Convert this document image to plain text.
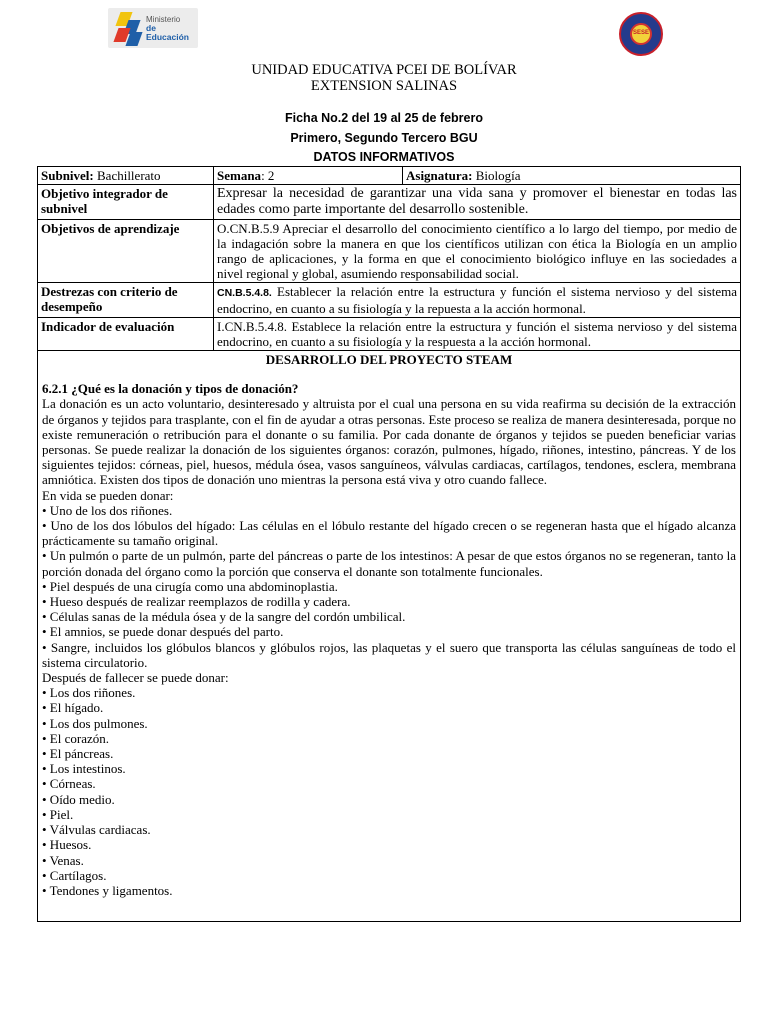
Ministerio
de Educación	SESE
UNIDAD EDUCATIVA PCEI DE BOLÍVAR
EXTENSION SALINAS
Ficha No.2 del 19 al 25 de febrero
Primero, Segundo Tercero BGU
DATOS INFORMATIVOS
Subnivel: Bachillerato	Semana: 2	Asignatura: Biología
Objetivo integrador de subnivel	Expresar la necesidad de garantizar una vida sana y promover el bienestar en todas las edades como parte importante del desarrollo sostenible.	
Objetivos de aprendizaje	O.CN.B.5.9 Apreciar el desarrollo del conocimiento científico a lo largo del tiempo, por medio de la indagación sobre la manera en que los científicos utilizan con ética la Biología en un amplio rango de aplicaciones, y la forma en que el conocimiento biológico influye en las sociedades a nivel regional y global, asumiendo responsabilidad social.	
Destrezas con criterio de desempeño	CN.B.5.4.8. Establecer la relación entre la estructura y función el sistema nervioso y del sistema endocrino, en cuanto a su fisiología y la repuesta a la acción hormonal.	
Indicador de evaluación	I.CN.B.5.4.8. Establece la relación entre la estructura y función el sistema nervioso y del sistema endocrino, en cuanto a su fisiología y la respuesta a la acción hormonal.	
DESARROLLO DEL PROYECTO STEAM
6.2.1 ¿Qué es la donación y tipos de donación?

La donación es un acto voluntario, desinteresado y altruista por el cual una persona en su vida reafirma su decisión de la extracción de órganos y tejidos para trasplante, con el fin de ayudar a otras personas. Este proceso se realiza de manera desinteresada, porque no existe remuneración o retribución para el donante o su familia. Por cada donante de órganos y tejidos se pueden beneficiar varias personas. Se puede realizar la donación de los siguientes órganos: corazón, pulmones, hígado, riñones, intestino, páncreas. Y de los siguientes tejidos: córneas, piel, huesos, médula ósea, vasos sanguíneos, válvulas cardiacas, cartílagos, tendones, esclera, membrana amniótica. Existen dos tipos de donación uno mientras la persona está viva y otro cuando fallece.

En vida se pueden donar:

• Uno de los dos riñones.

• Uno de los dos lóbulos del hígado: Las células en el lóbulo restante del hígado crecen o se regeneran hasta que el hígado alcanza prácticamente su tamaño original.

• Un pulmón o parte de un pulmón, parte del páncreas o parte de los intestinos: A pesar de que estos órganos no se regeneran, tanto la porción donada del órgano como la porción que conserva el donante son totalmente funcionales.

• Piel después de una cirugía como una abdominoplastia.

• Hueso después de realizar reemplazos de rodilla y cadera.

• Células sanas de la médula ósea y de la sangre del cordón umbilical.

• El amnios, se puede donar después del parto.

• Sangre, incluidos los glóbulos blancos y glóbulos rojos, las plaquetas y el suero que transporta las células sanguíneas de todo el sistema circulatorio.

Después de fallecer se puede donar:
• Los dos riñones.
• El hígado.
• Los dos pulmones.
• El corazón.
• El páncreas.
• Los intestinos.
• Córneas.
• Oído medio.
• Piel.
• Válvulas cardiacas.
• Huesos.
• Venas.
• Cartílagos.
• Tendones y ligamentos.
